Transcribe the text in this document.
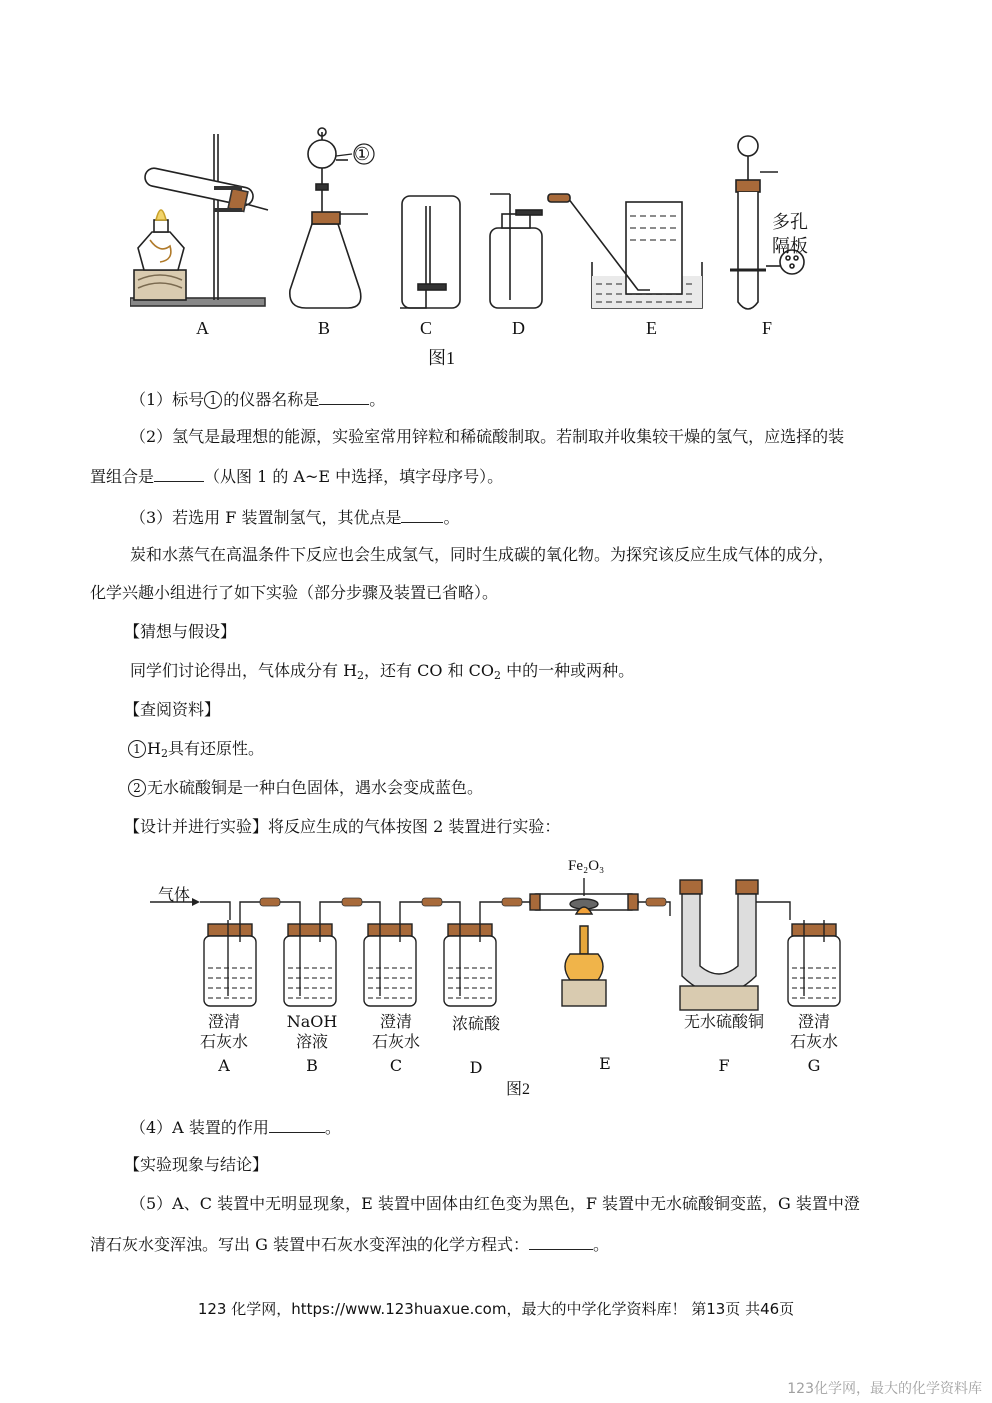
①
多孔
隔板
A	B	C	D	E	F
图1
（1）标号 1 的仪器名称是	。
（2）氢气是最理想的能源，实验室常用锌粒和稀硫酸制取。若制取并收集较干燥的氢气，应选择的装
置组合是	（从图 1 的 A~E 中选择，填字母序号）。
（3）若选用 F 装置制氢气，其优点是	。
炭和水蒸气在高温条件下反应也会生成氢气，同时生成碳的氧化物。为探究该反应生成气体的成分，
化学兴趣小组进行了如下实验（部分步骤及装置已省略）。
【猜想与假设】
同学们讨论得出，气体成分有 $H_2$，还有 CO 和 $CO_2$ 中的一种或两种。
【查阅资料】
1 $H_2$具有还原性。
2 无水硫酸铜是一种白色固体，遇水会变成蓝色。
【设计并进行实验】将反应生成的气体按图 2 装置进行实验：
气体
Fe₂O₃
澄清
石灰水
A
NaOH
溶液
B
澄清
石灰水
C
浓硫酸
D	E
无水硫酸铜
F
澄清
石灰水
G
图2
（4）A 装置的作用	。
【实验现象与结论】
（5）A、C 装置中无明显现象，E 装置中固体由红色变为黑色，F 装置中无水硫酸铜变蓝，G 装置中澄
清石灰水变浑浊。写出 G 装置中石灰水变浑浊的化学方程式：	。
123 化学网，https://www.123huaxue.com，最大的中学化学资料库！ 第13页 共46页
123化学网，最大的化学资料库
